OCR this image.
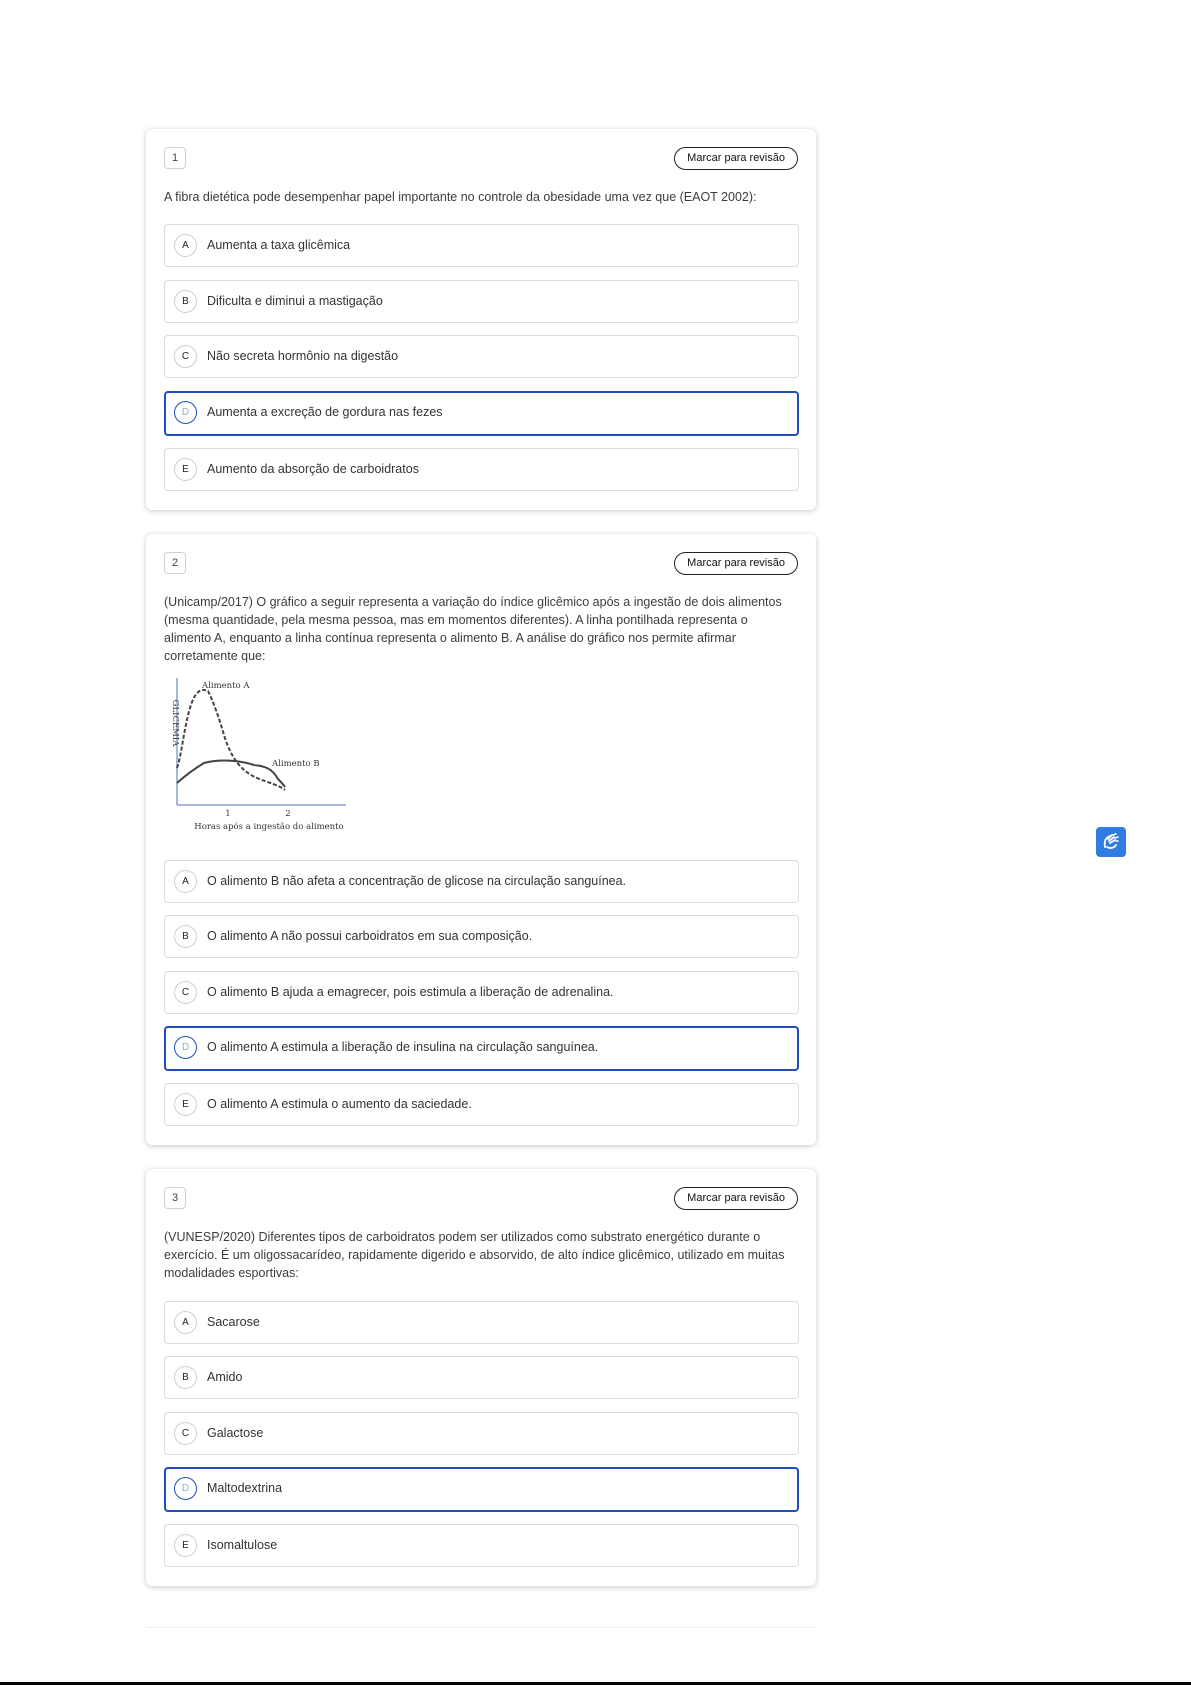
1	Marcar para revisão
A fibra dietética pode desempenhar papel importante no controle da obesidade uma vez que (EAOT 2002):
A	Aumenta a taxa glicêmica
B	Dificulta e diminui a mastigação
C	Não secreta hormônio na digestão
D	Aumenta a excreção de gordura nas fezes
E	Aumento da absorção de carboidratos
2	Marcar para revisão
(Unicamp/2017) O gráfico a seguir representa a variação do índice glicêmico após a ingestão de dois alimentos (mesma quantidade, pela mesma pessoa, mas em momentos diferentes). A linha pontilhada representa o alimento A, enquanto a linha contínua representa o alimento B. A análise do gráfico nos permite afirmar corretamente que:
GLICEMIA
Alimento A
Alimento B
1	2
Horas após a ingestão do alimento
A	O alimento B não afeta a concentração de glicose na circulação sanguínea.
B	O alimento A não possui carboidratos em sua composição.
C	O alimento B ajuda a emagrecer, pois estimula a liberação de adrenalina.
D	O alimento A estimula a liberação de insulina na circulação sanguínea.
E	O alimento A estimula o aumento da saciedade.
3	Marcar para revisão
(VUNESP/2020) Diferentes tipos de carboidratos podem ser utilizados como substrato energético durante o exercício. É um oligossacarídeo, rapidamente digerido e absorvido, de alto índice glicêmico, utilizado em muitas modalidades esportivas:
A	Sacarose
B	Amido
C	Galactose
D	Maltodextrina
E	Isomaltulose
